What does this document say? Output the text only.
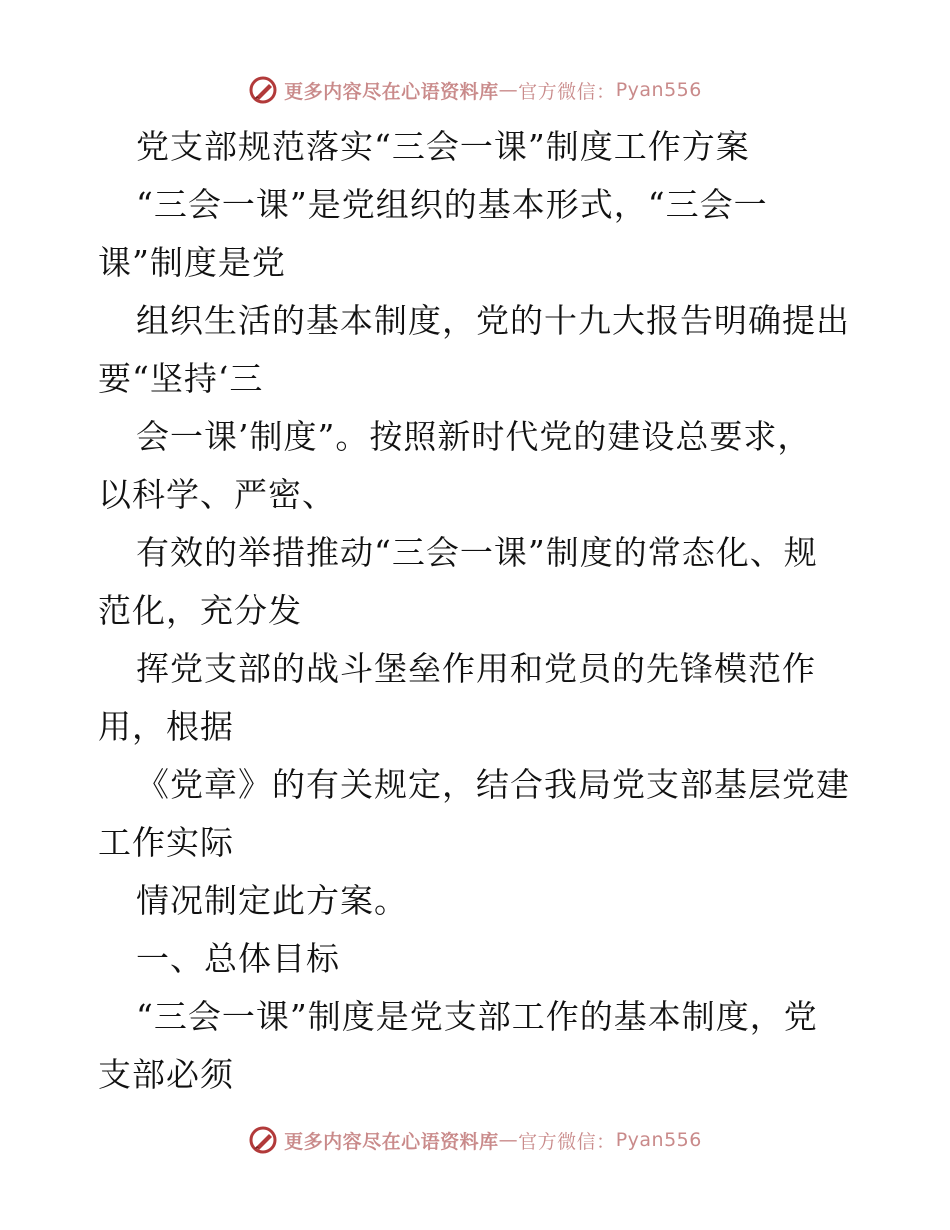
更多内容尽在心语资料库 — 官方微信： Pyan556
党支部规范落实“三会一课”制度工作方案
“三会一课”是党组织的基本形式，“三会一
课”制度是党
组织生活的基本制度，党的十九大报告明确提出
要“坚持‘三
会一课’制度”。按照新时代党的建设总要求，
以科学、严密、
有效的举措推动“三会一课”制度的常态化、规
范化，充分发
挥党支部的战斗堡垒作用和党员的先锋模范作
用，根据
《党章》的有关规定，结合我局党支部基层党建
工作实际
情况制定此方案。
一、总体目标
“三会一课”制度是党支部工作的基本制度，党
支部必须
更多内容尽在心语资料库 — 官方微信： Pyan556
